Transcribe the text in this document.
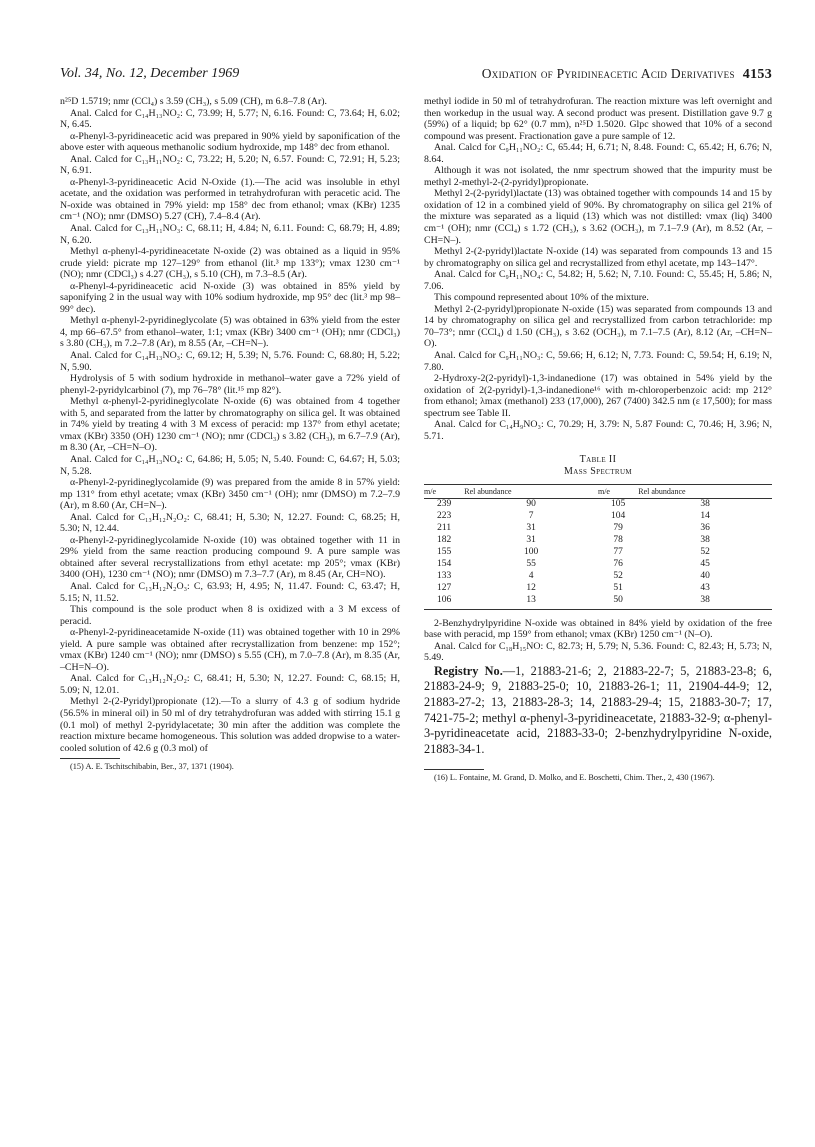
Vol. 34, No. 12, December 1969	Oxidation of Pyridineacetic Acid Derivatives 4153

n²⁵D 1.5719; nmr (CCl₄) s 3.59 (CH₃), s 5.09 (CH), m 6.8–7.8 (Ar).

Anal. Calcd for C₁₄H₁₃NO₂: C, 73.99; H, 5.77; N, 6.16. Found: C, 73.64; H, 6.02; N, 6.45.

α-Phenyl-3-pyridineacetic acid was prepared in 90% yield by saponification of the above ester with aqueous methanolic sodium hydroxide, mp 148° dec from ethanol.

Anal. Calcd for C₁₃H₁₁NO₂: C, 73.22; H, 5.20; N, 6.57. Found: C, 72.91; H, 5.23; N, 6.91.

α-Phenyl-3-pyridineacetic Acid N-Oxide (1).—The acid was insoluble in ethyl acetate, and the oxidation was performed in tetrahydrofuran with peracetic acid. The N-oxide was obtained in 79% yield: mp 158° dec from ethanol; νmax (KBr) 1235 cm⁻¹ (NO); nmr (DMSO) 5.27 (CH), 7.4–8.4 (Ar).

Anal. Calcd for C₁₃H₁₁NO₃: C, 68.11; H, 4.84; N, 6.11. Found: C, 68.79; H, 4.89; N, 6.20.

Methyl α-phenyl-4-pyridineacetate N-oxide (2) was obtained as a liquid in 95% crude yield: picrate mp 127–129° from ethanol (lit.³ mp 133°); νmax 1230 cm⁻¹ (NO); nmr (CDCl₃) s 4.27 (CH₃), s 5.10 (CH), m 7.3–8.5 (Ar).

α-Phenyl-4-pyridineacetic acid N-oxide (3) was obtained in 85% yield by saponifying 2 in the usual way with 10% sodium hydroxide, mp 95° dec (lit.³ mp 98–99° dec).

Methyl α-phenyl-2-pyridineglycolate (5) was obtained in 63% yield from the ester 4, mp 66–67.5° from ethanol–water, 1:1; νmax (KBr) 3400 cm⁻¹ (OH); nmr (CDCl₃) s 3.80 (CH₃), m 7.2–7.8 (Ar), m 8.55 (Ar, –CH=N–).

Anal. Calcd for C₁₄H₁₃NO₃: C, 69.12; H, 5.39; N, 5.76. Found: C, 68.80; H, 5.22; N, 5.90.

Hydrolysis of 5 with sodium hydroxide in methanol–water gave a 72% yield of phenyl-2-pyridylcarbinol (7), mp 76–78° (lit.¹⁵ mp 82°).

Methyl α-phenyl-2-pyridineglycolate N-oxide (6) was obtained from 4 together with 5, and separated from the latter by chromatography on silica gel. It was obtained in 74% yield by treating 4 with 3 M excess of peracid: mp 137° from ethyl acetate; νmax (KBr) 3350 (OH) 1230 cm⁻¹ (NO); nmr (CDCl₃) s 3.82 (CH₃), m 6.7–7.9 (Ar), m 8.30 (Ar, –CH=N–O).

Anal. Calcd for C₁₄H₁₃NO₄: C, 64.86; H, 5.05; N, 5.40. Found: C, 64.67; H, 5.03; N, 5.28.

α-Phenyl-2-pyridineglycolamide (9) was prepared from the amide 8 in 57% yield: mp 131° from ethyl acetate; νmax (KBr) 3450 cm⁻¹ (OH); nmr (DMSO) m 7.2–7.9 (Ar), m 8.60 (Ar, CH=N–).

Anal. Calcd for C₁₃H₁₂N₂O₂: C, 68.41; H, 5.30; N, 12.27. Found: C, 68.25; H, 5.30; N, 12.44.

α-Phenyl-2-pyridineglycolamide N-oxide (10) was obtained together with 11 in 29% yield from the same reaction producing compound 9. A pure sample was obtained after several recrystallizations from ethyl acetate: mp 205°; νmax (KBr) 3400 (OH), 1230 cm⁻¹ (NO); nmr (DMSO) m 7.3–7.7 (Ar), m 8.45 (Ar, CH=NO).

Anal. Calcd for C₁₃H₁₂N₂O₃: C, 63.93; H, 4.95; N, 11.47. Found: C, 63.47; H, 5.15; N, 11.52.

This compound is the sole product when 8 is oxidized with a 3 M excess of peracid.

α-Phenyl-2-pyridineacetamide N-oxide (11) was obtained together with 10 in 29% yield. A pure sample was obtained after recrystallization from benzene: mp 152°; νmax (KBr) 1240 cm⁻¹ (NO); nmr (DMSO) s 5.55 (CH), m 7.0–7.8 (Ar), m 8.35 (Ar, –CH=N–O).

Anal. Calcd for C₁₃H₁₂N₂O₂: C, 68.41; H, 5.30; N, 12.27. Found: C, 68.15; H, 5.09; N, 12.01.

Methyl 2-(2-Pyridyl)propionate (12).—To a slurry of 4.3 g of sodium hydride (56.5% in mineral oil) in 50 ml of dry tetrahydrofuran was added with stirring 15.1 g (0.1 mol) of methyl 2-pyridylacetate; 30 min after the addition was complete the reaction mixture became homogeneous. This solution was added dropwise to a water-cooled solution of 42.6 g (0.3 mol) of

(15) A. E. Tschitschibabin, Ber., 37, 1371 (1904).

methyl iodide in 50 ml of tetrahydrofuran. The reaction mixture was left overnight and then workedup in the usual way. A second product was present. Distillation gave 9.7 g (59%) of a liquid; bp 62° (0.7 mm), n²⁵D 1.5020. Glpc showed that 10% of a second compound was present. Fractionation gave a pure sample of 12.

Anal. Calcd for C₉H₁₁NO₂: C, 65.44; H, 6.71; N, 8.48. Found: C, 65.42; H, 6.76; N, 8.64.

Although it was not isolated, the nmr spectrum showed that the impurity must be methyl 2-methyl-2-(2-pyridyl)propionate.

Methyl 2-(2-pyridyl)lactate (13) was obtained together with compounds 14 and 15 by oxidation of 12 in a combined yield of 90%. By chromatography on silica gel 21% of the mixture was separated as a liquid (13) which was not distilled: νmax (liq) 3400 cm⁻¹ (OH); nmr (CCl₄) s 1.72 (CH₃), s 3.62 (OCH₃), m 7.1–7.9 (Ar), m 8.52 (Ar, –CH=N–).

Methyl 2-(2-pyridyl)lactate N-oxide (14) was separated from compounds 13 and 15 by chromatography on silica gel and recrystallized from ethyl acetate, mp 143–147°.

Anal. Calcd for C₉H₁₁NO₄: C, 54.82; H, 5.62; N, 7.10. Found: C, 55.45; H, 5.86; N, 7.06.

This compound represented about 10% of the mixture.

Methyl 2-(2-pyridyl)propionate N-oxide (15) was separated from compounds 13 and 14 by chromatography on silica gel and recrystallized from carbon tetrachloride: mp 70–73°; nmr (CCl₄) d 1.50 (CH₃), s 3.62 (OCH₃), m 7.1–7.5 (Ar), 8.12 (Ar, –CH=N–O).

Anal. Calcd for C₉H₁₁NO₃: C, 59.66; H, 6.12; N, 7.73. Found: C, 59.54; H, 6.19; N, 7.80.

2-Hydroxy-2(2-pyridyl)-1,3-indanedione (17) was obtained in 54% yield by the oxidation of 2(2-pyridyl)-1,3-indanedione¹⁶ with m-chloroperbenzoic acid: mp 212° from ethanol; λmax (methanol) 233 (17,000), 267 (7400) 342.5 nm (ε 17,500); for mass spectrum see Table II.

Anal. Calcd for C₁₄H₉NO₃: C, 70.29; H, 3.79: N, 5.87 Found: C, 70.46; H, 3.96; N, 5.71.

Table II
Mass Spectrum
m/e	Rel abundance	m/e	Rel abundance
239	90	105	38
223	7	104	14
211	31	79	36
182	31	78	38
155	100	77	52
154	55	76	45
133	4	52	40
127	12	51	43
106	13	50	38

2-Benzhydrylpyridine N-oxide was obtained in 84% yield by oxidation of the free base with peracid, mp 159° from ethanol; νmax (KBr) 1250 cm⁻¹ (N–O).

Anal. Calcd for C₁₈H₁₅NO: C, 82.73; H, 5.79; N, 5.36. Found: C, 82.43; H, 5.73; N, 5.49.

Registry No.—1, 21883-21-6; 2, 21883-22-7; 5, 21883-23-8; 6, 21883-24-9; 9, 21883-25-0; 10, 21883-26-1; 11, 21904-44-9; 12, 21883-27-2; 13, 21883-28-3; 14, 21883-29-4; 15, 21883-30-7; 17, 7421-75-2; methyl α-phenyl-3-pyridineacetate, 21883-32-9; α-phenyl-3-pyridineacetate acid, 21883-33-0; 2-benzhydrylpyridine N-oxide, 21883-34-1.

(16) L. Fontaine, M. Grand, D. Molko, and E. Boschetti, Chim. Ther., 2, 430 (1967).
